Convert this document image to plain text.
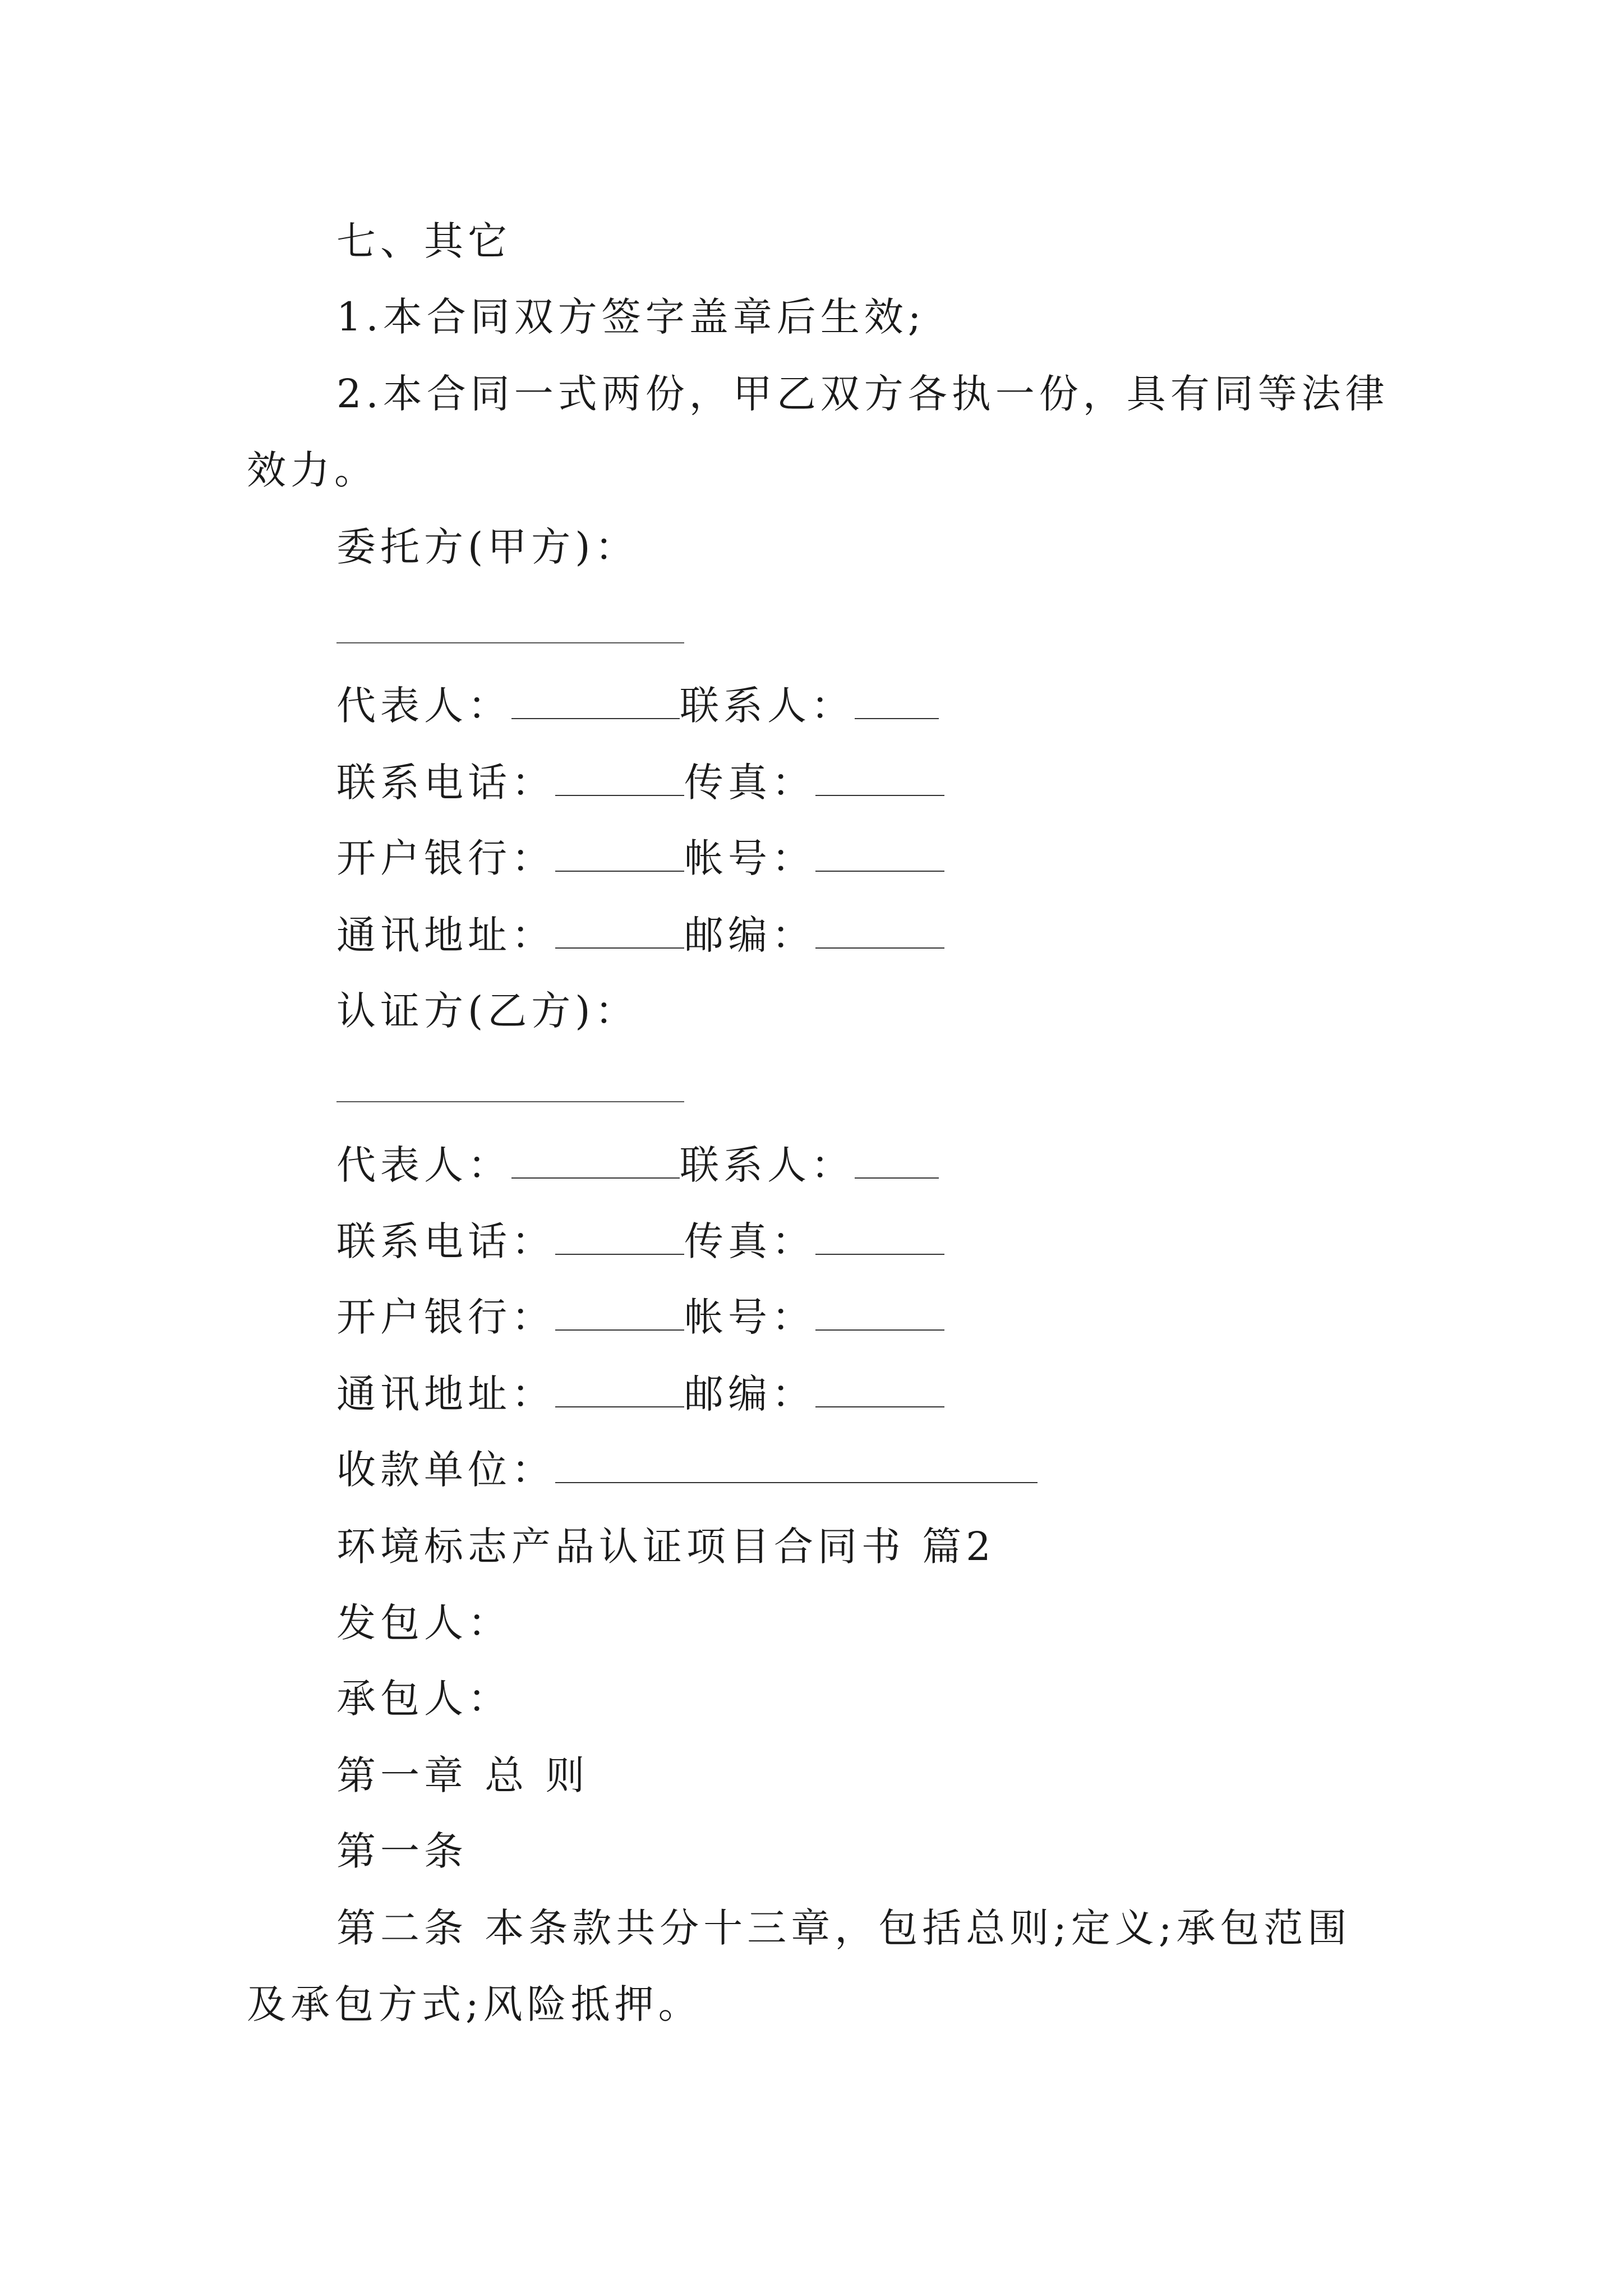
七、其它
1.本合同双方签字盖章后生效;
2.本合同一式两份，甲乙双方各执一份，具有同等法律
效力。
委托方(甲方)：
代表人：	联系人：
联系电话：	传真：
开户银行：	帐号：
通讯地址：	邮编：
认证方(乙方)：
代表人：	联系人：
联系电话：	传真：
开户银行：	帐号：
通讯地址：	邮编：
收款单位：
环境标志产品认证项目合同书 篇2
发包人：
承包人：
第一章 总 则
第一条
第二条 本条款共分十三章，包括总则;定义;承包范围
及承包方式;风险抵押。
